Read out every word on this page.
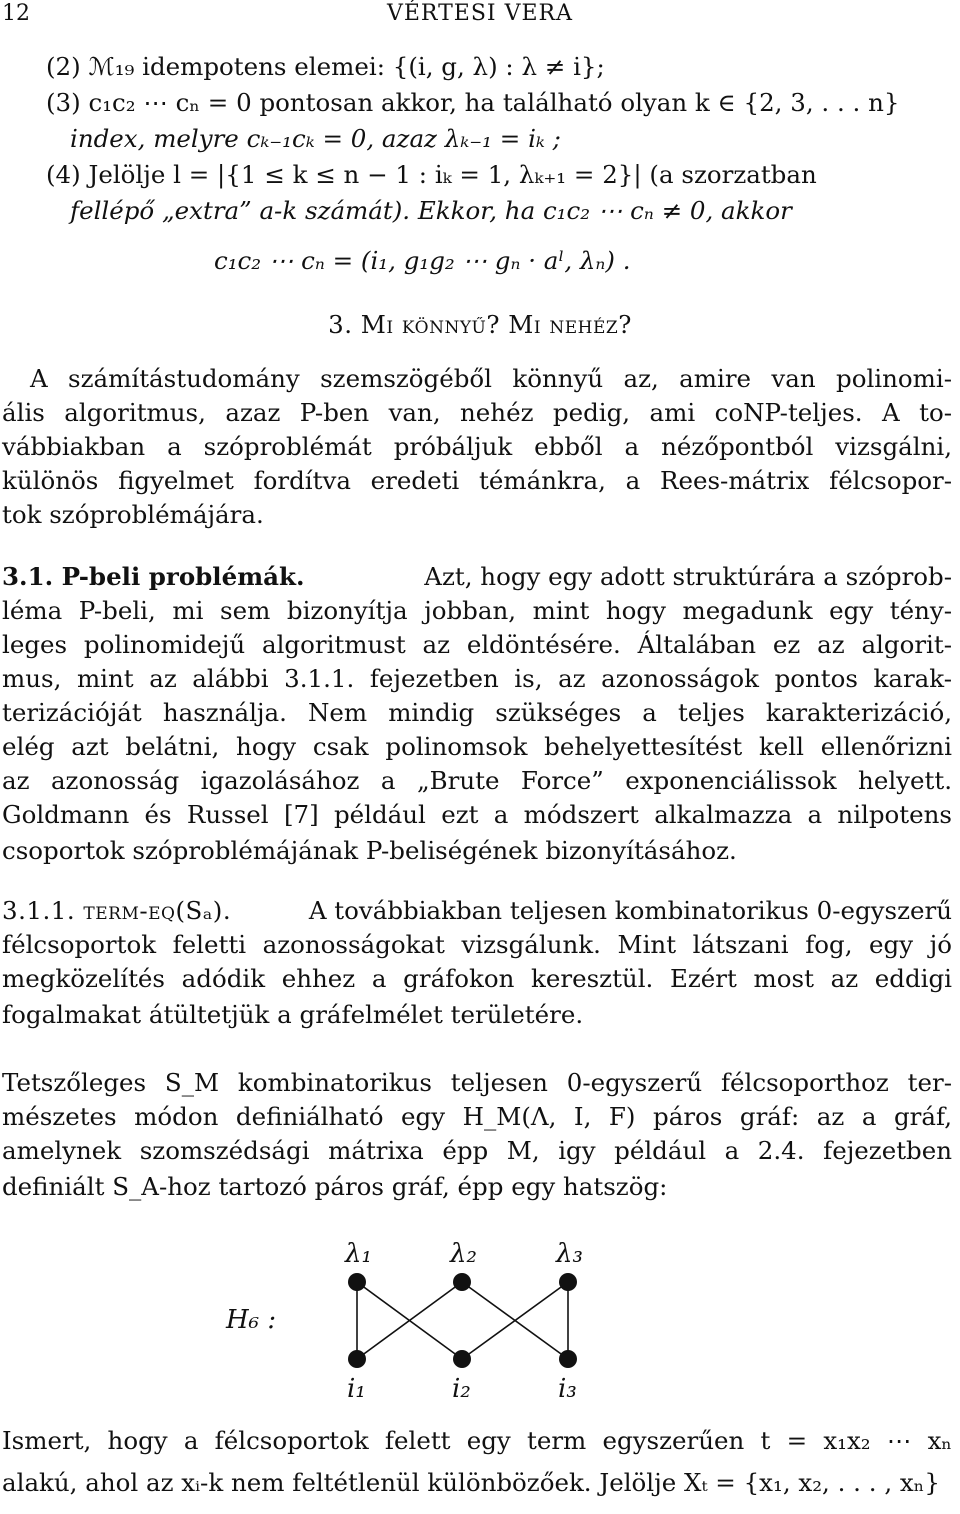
12	VÉRTESI VERA
(2) ℳ₁₉ idempotens elemei: {(i, g, λ) : λ ≠ i};
(3) c₁c₂ ⋯ cₙ = 0 pontosan akkor, ha található olyan k ∈ {2, 3, . . . n}
index, melyre cₖ₋₁cₖ = 0, azaz λₖ₋₁ = iₖ ;
(4) Jelölje l = |{1 ≤ k ≤ n − 1 : iₖ = 1, λₖ₊₁ = 2}| (a szorzatban
fellépő „extra” a-k számát). Ekkor, ha c₁c₂ ⋯ cₙ ≠ 0, akkor
c₁c₂ ⋯ cₙ = (i₁, g₁g₂ ⋯ gₙ · aˡ, λₙ) .
3. Mi könnyű? Mi nehéz?
A számítástudomány szemszögéből könnyű az, amire van polinomi-
ális algoritmus, azaz P-ben van, nehéz pedig, ami coNP-teljes. A to-
vábbiakban a szóproblémát próbáljuk ebből a nézőpontból vizsgálni,
különös figyelmet fordítva eredeti témánkra, a Rees-mátrix félcsopor-
tok szóproblémájára.
3.1. P-beli problémák.	Azt, hogy egy adott struktúrára a szóprob-
léma P-beli, mi sem bizonyítja jobban, mint hogy megadunk egy tény-
leges polinomidejű algoritmust az eldöntésére. Általában ez az algorit-
mus, mint az alábbi 3.1.1. fejezetben is, az azonosságok pontos karak-
terizációját használja. Nem mindig szükséges a teljes karakterizáció,
elég azt belátni, hogy csak polinomsok behelyettesítést kell ellenőrizni
az azonosság igazolásához a „Brute Force” exponenciálissok helyett.
Goldmann és Russel [7] például ezt a módszert alkalmazza a nilpotens
csoportok szóproblémájának P-beliségének bizonyításához.
3.1.1. term-eq(Sₐ).	A továbbiakban teljesen kombinatorikus 0-egyszerű
félcsoportok feletti azonosságokat vizsgálunk. Mint látszani fog, egy jó
megközelítés adódik ehhez a gráfokon keresztül. Ezért most az eddigi
fogalmakat átültetjük a gráfelmélet területére.
Tetszőleges S_M kombinatorikus teljesen 0-egyszerű félcsoporthoz ter-
mészetes módon definiálható egy H_M(Λ, I, F) páros gráf: az a gráf,
amelynek szomszédsági mátrixa épp M, igy például a 2.4. fejezetben
definiált S_A-hoz tartozó páros gráf, épp egy hatszög:
λ₁	λ₂	λ₃
i₁	i₂	i₃
H₆ :
Ismert, hogy a félcsoportok felett egy term egyszerűen t = x₁x₂ ⋯ xₙ
alakú, ahol az xᵢ-k nem feltétlenül különbözőek. Jelölje Xₜ = {x₁, x₂, . . . , xₙ}
